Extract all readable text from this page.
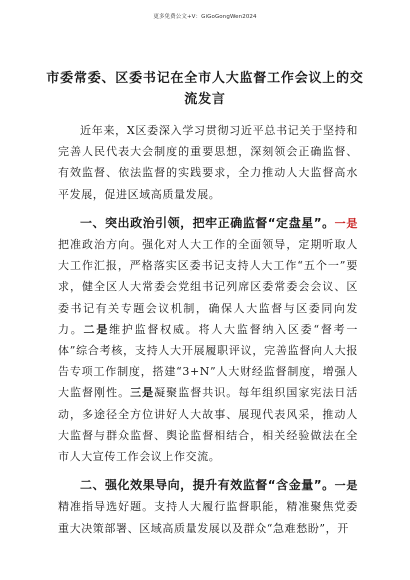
更多免费公文+V：GiGoGongWen2024
市委常委、区委书记在全市人大监督工作会议上的交流发言

近年来，X区委深入学习贯彻习近平总书记关于坚持和完善人民代表大会制度的重要思想，深刻领会正确监督、有效监督、依法监督的实践要求，全力推动人大监督高水平发展，促进区域高质量发展。

一、突出政治引领，把牢正确监督“定盘星”。一是把准政治方向。强化对人大工作的全面领导，定期听取人大工作汇报，严格落实区委书记支持人大工作“五个一”要求，健全区人大常委会党组书记列席区委常委会会议、区委书记有关专题会议机制，确保人大监督与区委同向发力。二是维护监督权威。将人大监督纳入区委“督考一体”综合考核，支持人大开展履职评议，完善监督向人大报告专项工作制度，搭建“3+N”人大财经监督制度，增强人大监督刚性。三是凝聚监督共识。每年组织国家宪法日活动，多途径全方位讲好人大故事、展现代表风采，推动人大监督与群众监督、舆论监督相结合，相关经验做法在全市人大宣传工作会议上作交流。

二、强化效果导向，提升有效监督“含金量”。一是精准指导选好题。支持人大履行监督职能，精准聚焦党委重大决策部署、区域高质量发展以及群众“急难愁盼”，开
